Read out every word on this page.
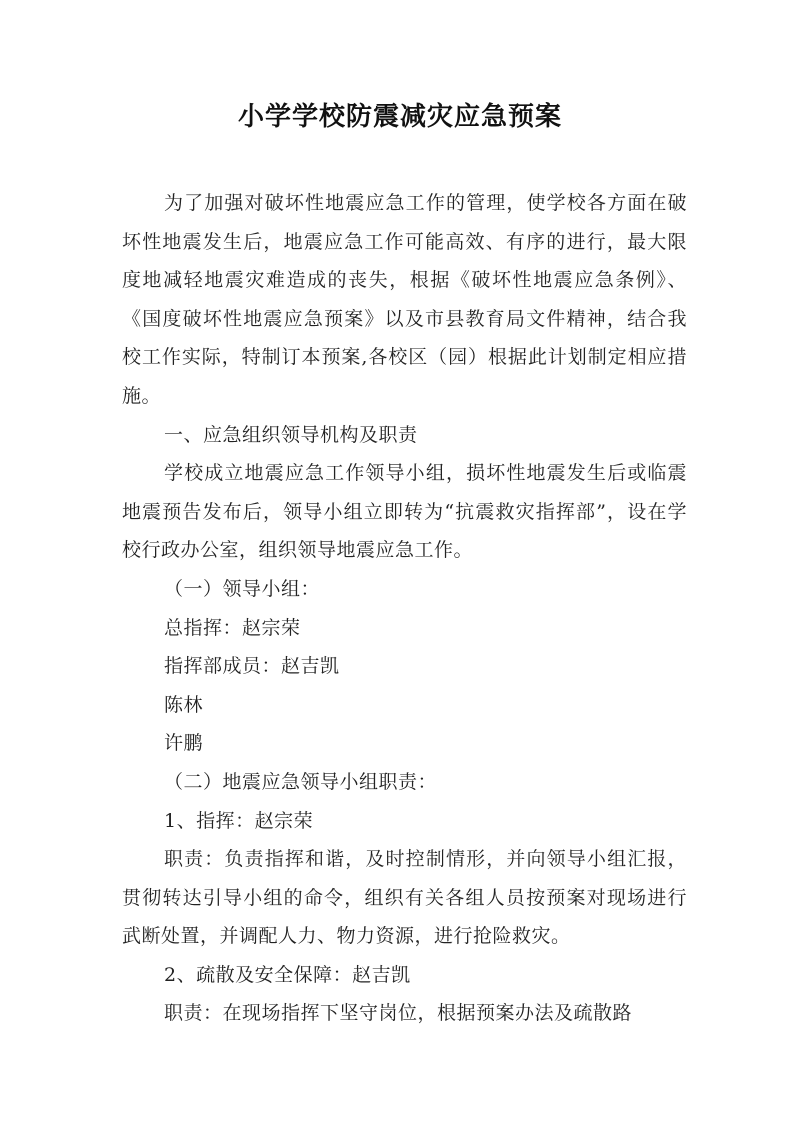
小学学校防震减灾应急预案

为了加强对破坏性地震应急工作的管理，使学校各方面在破坏性地震发生后，地震应急工作可能高效、有序的进行，最大限度地减轻地震灾难造成的丧失，根据《破坏性地震应急条例》、《国度破坏性地震应急预案》以及市县教育局文件精神，结合我校工作实际，特制订本预案,各校区（园）根据此计划制定相应措施。

一、应急组织领导机构及职责

学校成立地震应急工作领导小组，损坏性地震发生后或临震地震预告发布后，领导小组立即转为“抗震救灾指挥部”，设在学校行政办公室，组织领导地震应急工作。

（一）领导小组：

总指挥：赵宗荣

指挥部成员：赵吉凯

陈林

许鹏

（二）地震应急领导小组职责：

1、指挥：赵宗荣

职责：负责指挥和谐，及时控制情形，并向领导小组汇报，贯彻转达引导小组的命令，组织有关各组人员按预案对现场进行武断处置，并调配人力、物力资源，进行抢险救灾。

2、疏散及安全保障：赵吉凯

职责：在现场指挥下坚守岗位，根据预案办法及疏散路
